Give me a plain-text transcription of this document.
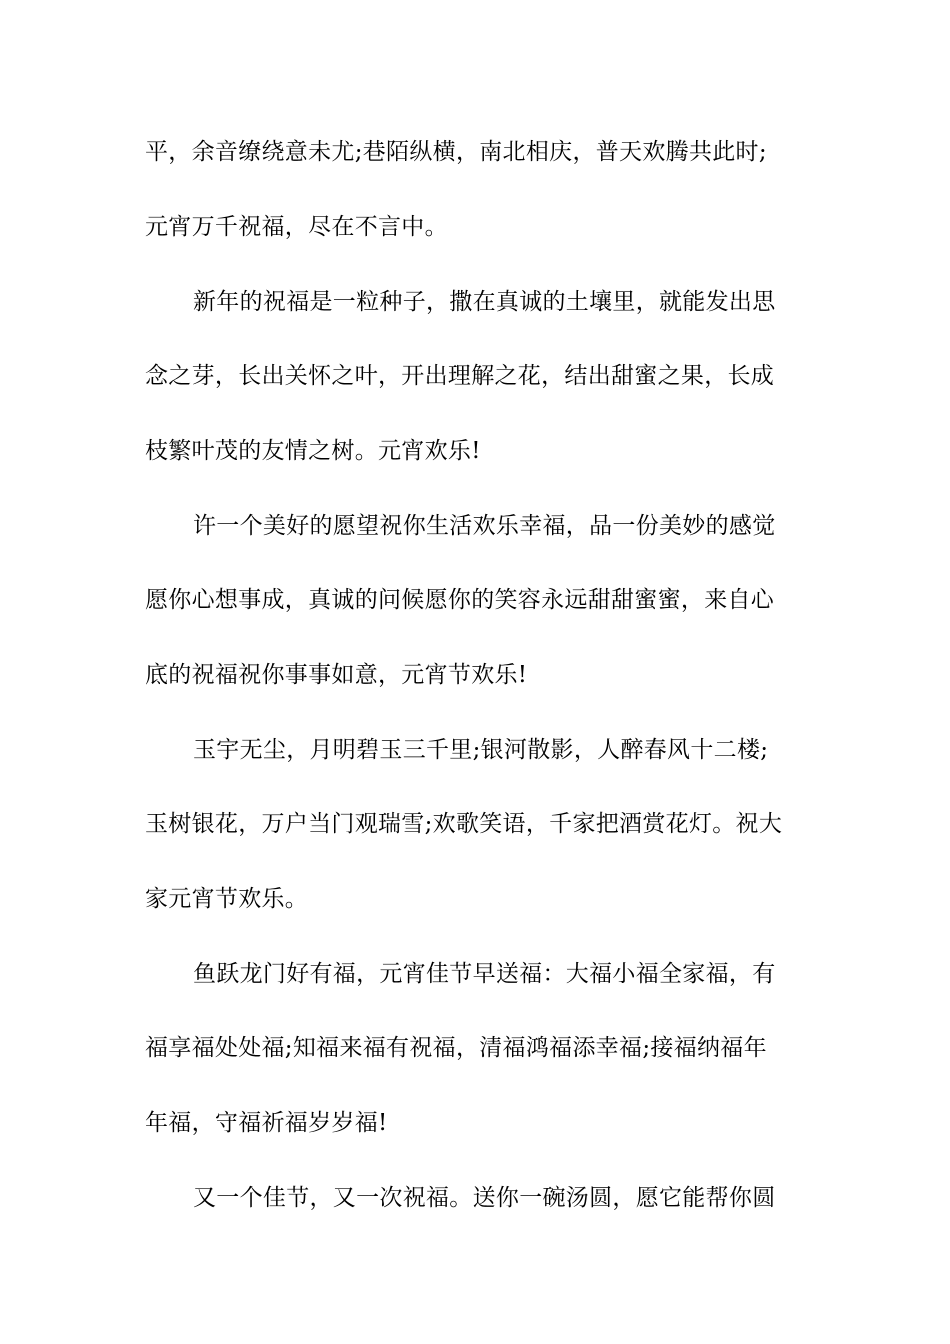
平，余音缭绕意未尤;巷陌纵横，南北相庆，普天欢腾共此时;
元宵万千祝福，尽在不言中。
新年的祝福是一粒种子，撒在真诚的土壤里，就能发出思
念之芽，长出关怀之叶，开出理解之花，结出甜蜜之果，长成
枝繁叶茂的友情之树。元宵欢乐!
许一个美好的愿望祝你生活欢乐幸福，品一份美妙的感觉
愿你心想事成，真诚的问候愿你的笑容永远甜甜蜜蜜，来自心
底的祝福祝你事事如意，元宵节欢乐!
玉宇无尘，月明碧玉三千里;银河散影，人醉春风十二楼;
玉树银花，万户当门观瑞雪;欢歌笑语，千家把酒赏花灯。祝大
家元宵节欢乐。
鱼跃龙门好有福，元宵佳节早送福：大福小福全家福，有
福享福处处福;知福来福有祝福，清福鸿福添幸福;接福纳福年
年福，守福祈福岁岁福!
又一个佳节，又一次祝福。送你一碗汤圆，愿它能帮你圆
